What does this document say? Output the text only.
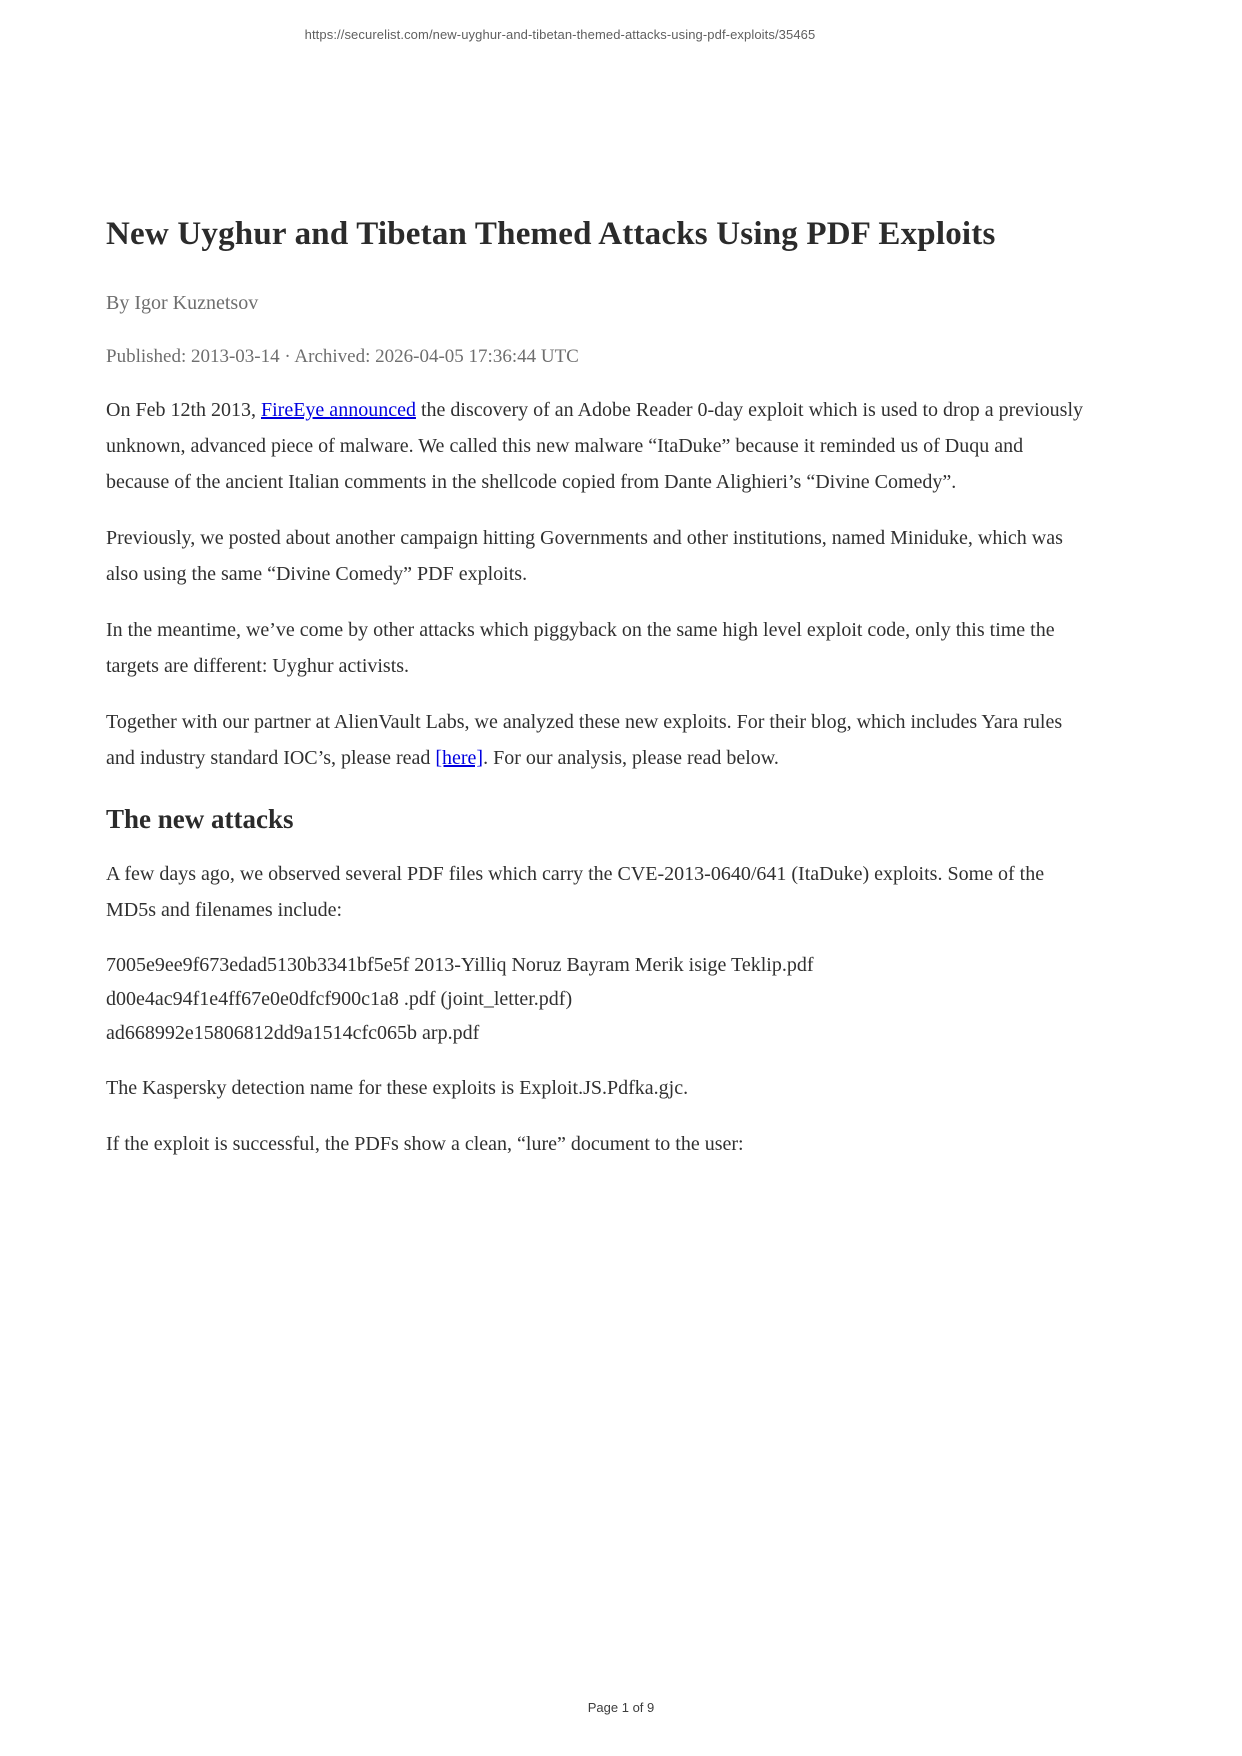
https://securelist.com/new-uyghur-and-tibetan-themed-attacks-using-pdf-exploits/35465
New Uyghur and Tibetan Themed Attacks Using PDF Exploits

By Igor Kuznetsov

Published: 2013-03-14 · Archived: 2026-04-05 17:36:44 UTC

On Feb 12th 2013, FireEye announced the discovery of an Adobe Reader 0-day exploit which is used to drop a previously unknown, advanced piece of malware. We called this new malware “ItaDuke” because it reminded us of Duqu and because of the ancient Italian comments in the shellcode copied from Dante Alighieri’s “Divine Comedy”.

Previously, we posted about another campaign hitting Governments and other institutions, named Miniduke, which was also using the same “Divine Comedy” PDF exploits.

In the meantime, we’ve come by other attacks which piggyback on the same high level exploit code, only this time the targets are different: Uyghur activists.

Together with our partner at AlienVault Labs, we analyzed these new exploits. For their blog, which includes Yara rules and industry standard IOC’s, please read [here]. For our analysis, please read below.

The new attacks

A few days ago, we observed several PDF files which carry the CVE-2013-0640/641 (ItaDuke) exploits. Some of the MD5s and filenames include:

7005e9ee9f673edad5130b3341bf5e5f 2013-Yilliq Noruz Bayram Merik isige Teklip.pdf
d00e4ac94f1e4ff67e0e0dfcf900c1a8 .pdf (joint_letter.pdf)
ad668992e15806812dd9a1514cfc065b arp.pdf

The Kaspersky detection name for these exploits is Exploit.JS.Pdfka.gjc.

If the exploit is successful, the PDFs show a clean, “lure” document to the user:

Page 1 of 9
